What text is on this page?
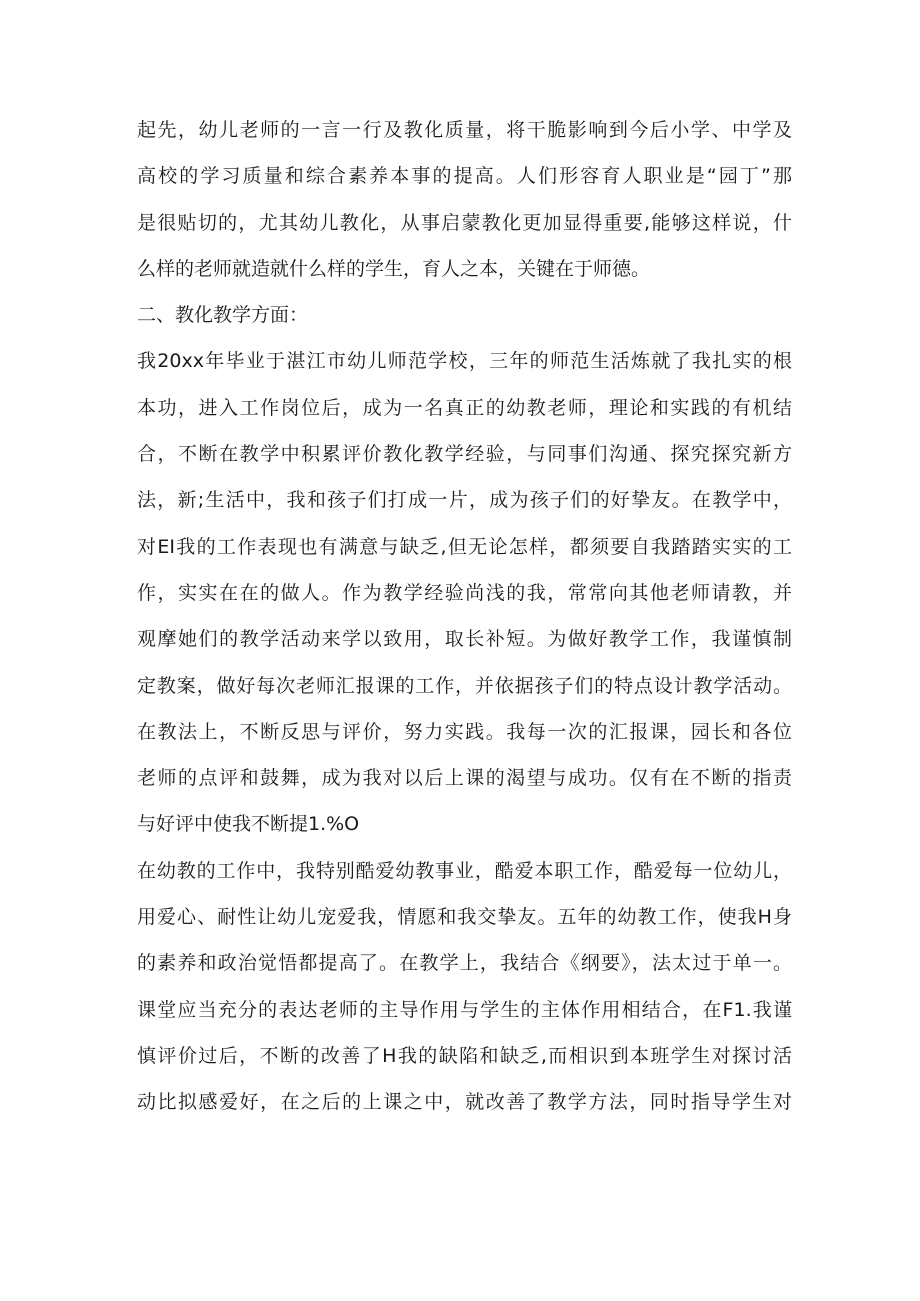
起先，幼儿老师的一言一行及教化质量，将干脆影响到今后小学、中学及
高校的学习质量和综合素养本事的提高。人们形容育人职业是“园丁”那
是很贴切的，尤其幼儿教化，从事启蒙教化更加显得重要,能够这样说，什
么样的老师就造就什么样的学生，育人之本，关键在于师德。
二、教化教学方面：
我20xx年毕业于湛江市幼儿师范学校，三年的师范生活炼就了我扎实的根
本功，进入工作岗位后，成为一名真正的幼教老师，理论和实践的有机结
合，不断在教学中积累评价教化教学经验，与同事们沟通、探究探究新方
法，新;生活中，我和孩子们打成一片，成为孩子们的好挚友。在教学中，
对EI我的工作表现也有满意与缺乏,但无论怎样，都须要自我踏踏实实的工
作，实实在在的做人。作为教学经验尚浅的我，常常向其他老师请教，并
观摩她们的教学活动来学以致用，取长补短。为做好教学工作，我谨慎制
定教案，做好每次老师汇报课的工作，并依据孩子们的特点设计教学活动。
在教法上，不断反思与评价，努力实践。我每一次的汇报课，园长和各位
老师的点评和鼓舞，成为我对以后上课的渴望与成功。仅有在不断的指责
与好评中使我不断提1.%O
在幼教的工作中，我特别酷爱幼教事业，酷爱本职工作，酷爱每一位幼儿，
用爱心、耐性让幼儿宠爱我，情愿和我交挚友。五年的幼教工作，使我H身
的素养和政治觉悟都提高了。在教学上，我结合《纲要》，法太过于单一。
课堂应当充分的表达老师的主导作用与学生的主体作用相结合，在F1.我谨
慎评价过后，不断的改善了H我的缺陷和缺乏,而相识到本班学生对探讨活
动比拟感爱好，在之后的上课之中，就改善了教学方法，同时指导学生对
